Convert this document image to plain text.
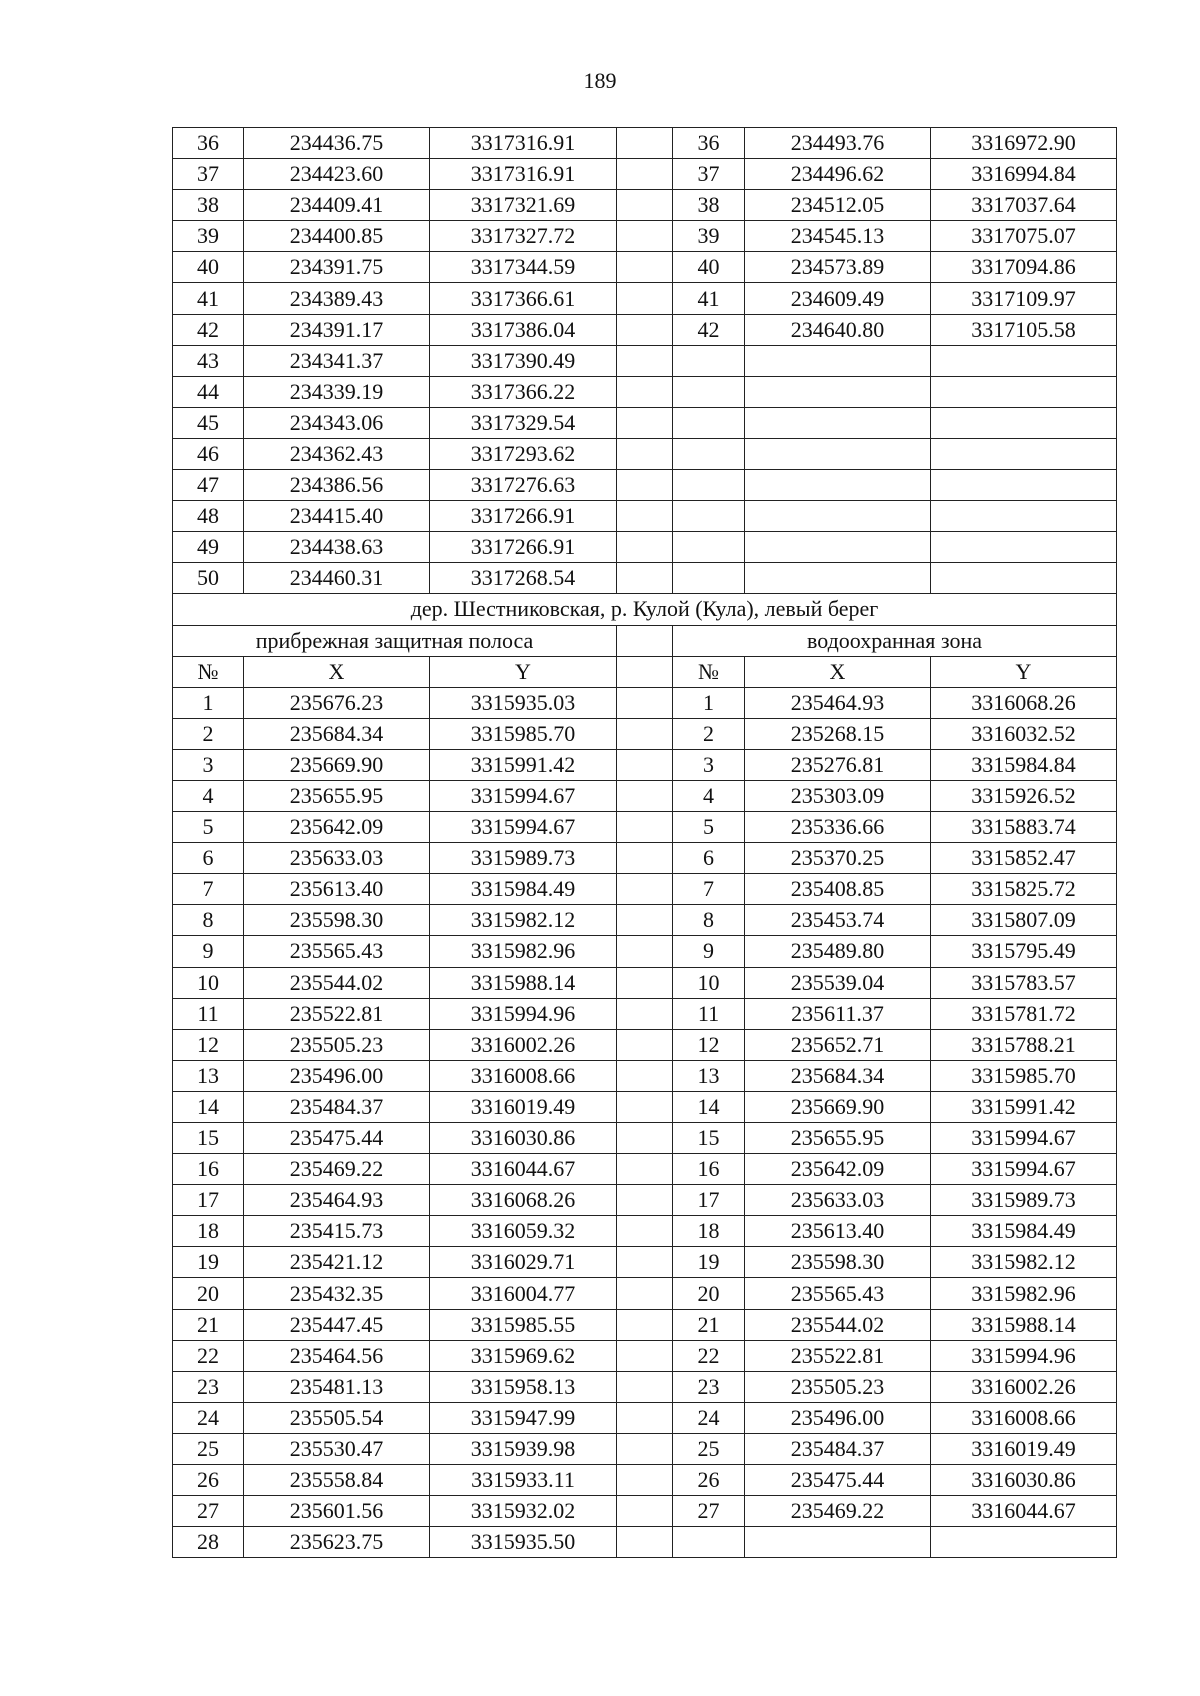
189
36	234436.75	3317316.91		36	234493.76	3316972.90
37	234423.60	3317316.91		37	234496.62	3316994.84
38	234409.41	3317321.69		38	234512.05	3317037.64
39	234400.85	3317327.72		39	234545.13	3317075.07
40	234391.75	3317344.59		40	234573.89	3317094.86
41	234389.43	3317366.61		41	234609.49	3317109.97
42	234391.17	3317386.04		42	234640.80	3317105.58
43	234341.37	3317390.49				
44	234339.19	3317366.22				
45	234343.06	3317329.54				
46	234362.43	3317293.62				
47	234386.56	3317276.63				
48	234415.40	3317266.91				
49	234438.63	3317266.91				
50	234460.31	3317268.54				
дер. Шестниковская, р. Кулой (Кула), левый берег						
прибрежная защитная полоса				водоохранная зона		
№	X	Y		№	X	Y
1	235676.23	3315935.03		1	235464.93	3316068.26
2	235684.34	3315985.70		2	235268.15	3316032.52
3	235669.90	3315991.42		3	235276.81	3315984.84
4	235655.95	3315994.67		4	235303.09	3315926.52
5	235642.09	3315994.67		5	235336.66	3315883.74
6	235633.03	3315989.73		6	235370.25	3315852.47
7	235613.40	3315984.49		7	235408.85	3315825.72
8	235598.30	3315982.12		8	235453.74	3315807.09
9	235565.43	3315982.96		9	235489.80	3315795.49
10	235544.02	3315988.14		10	235539.04	3315783.57
11	235522.81	3315994.96		11	235611.37	3315781.72
12	235505.23	3316002.26		12	235652.71	3315788.21
13	235496.00	3316008.66		13	235684.34	3315985.70
14	235484.37	3316019.49		14	235669.90	3315991.42
15	235475.44	3316030.86		15	235655.95	3315994.67
16	235469.22	3316044.67		16	235642.09	3315994.67
17	235464.93	3316068.26		17	235633.03	3315989.73
18	235415.73	3316059.32		18	235613.40	3315984.49
19	235421.12	3316029.71		19	235598.30	3315982.12
20	235432.35	3316004.77		20	235565.43	3315982.96
21	235447.45	3315985.55		21	235544.02	3315988.14
22	235464.56	3315969.62		22	235522.81	3315994.96
23	235481.13	3315958.13		23	235505.23	3316002.26
24	235505.54	3315947.99		24	235496.00	3316008.66
25	235530.47	3315939.98		25	235484.37	3316019.49
26	235558.84	3315933.11		26	235475.44	3316030.86
27	235601.56	3315932.02		27	235469.22	3316044.67
28	235623.75	3315935.50				
